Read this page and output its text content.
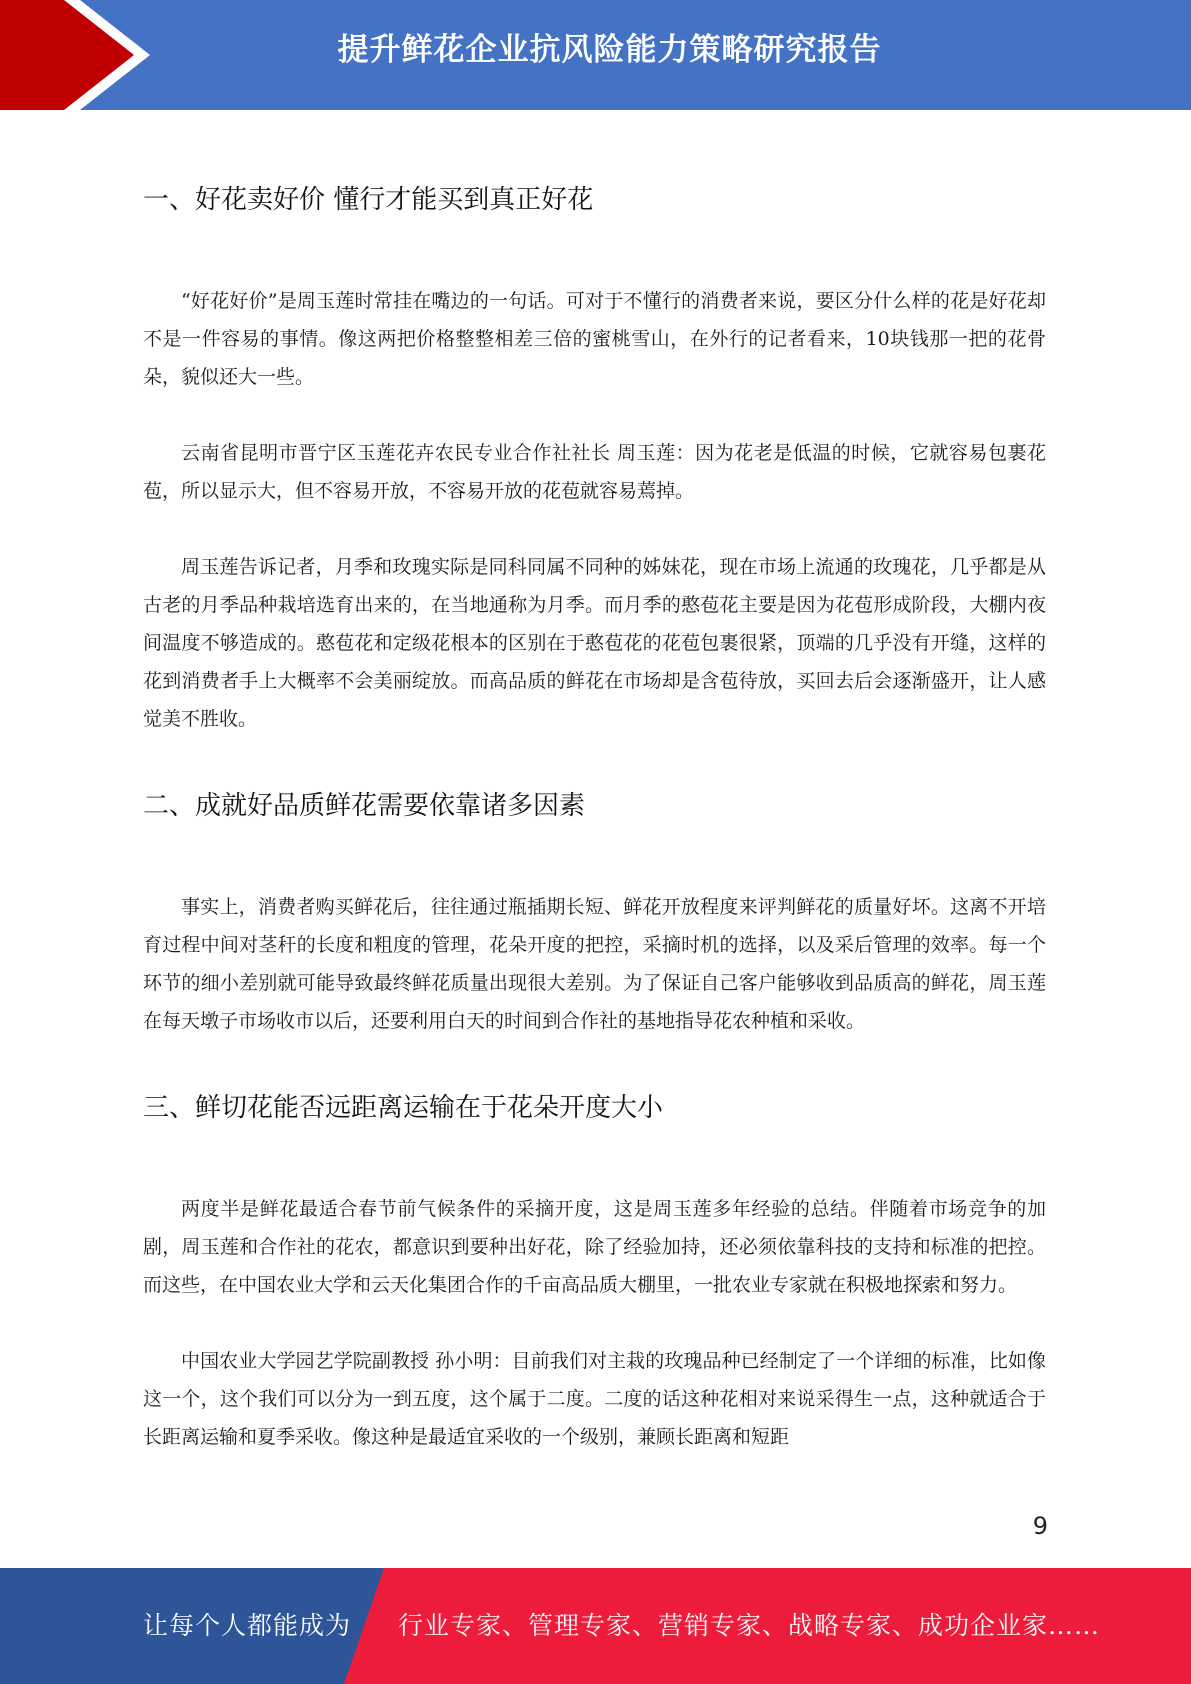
提升鲜花企业抗风险能力策略研究报告
一、好花卖好价 懂行才能买到真正好花

“好花好价”是周玉莲时常挂在嘴边的一句话。可对于不懂行的消费者来说，要区分什么样的花是好花却不是一件容易的事情。像这两把价格整整相差三倍的蜜桃雪山，在外行的记者看来，10块钱那一把的花骨朵，貌似还大一些。

云南省昆明市晋宁区玉莲花卉农民专业合作社社长 周玉莲：因为花老是低温的时候，它就容易包裹花苞，所以显示大，但不容易开放，不容易开放的花苞就容易蔫掉。

周玉莲告诉记者，月季和玫瑰实际是同科同属不同种的姊妹花，现在市场上流通的玫瑰花，几乎都是从古老的月季品种栽培选育出来的，在当地通称为月季。而月季的憨苞花主要是因为花苞形成阶段，大棚内夜间温度不够造成的。憨苞花和定级花根本的区别在于憨苞花的花苞包裹很紧，顶端的几乎没有开缝，这样的花到消费者手上大概率不会美丽绽放。而高品质的鲜花在市场却是含苞待放，买回去后会逐渐盛开，让人感觉美不胜收。

二、成就好品质鲜花需要依靠诸多因素

事实上，消费者购买鲜花后，往往通过瓶插期长短、鲜花开放程度来评判鲜花的质量好坏。这离不开培育过程中间对茎秆的长度和粗度的管理，花朵开度的把控，采摘时机的选择，以及采后管理的效率。每一个环节的细小差别就可能导致最终鲜花质量出现很大差别。为了保证自己客户能够收到品质高的鲜花，周玉莲在每天墩子市场收市以后，还要利用白天的时间到合作社的基地指导花农种植和采收。

三、鲜切花能否远距离运输在于花朵开度大小

两度半是鲜花最适合春节前气候条件的采摘开度，这是周玉莲多年经验的总结。伴随着市场竞争的加剧，周玉莲和合作社的花农，都意识到要种出好花，除了经验加持，还必须依靠科技的支持和标准的把控。而这些，在中国农业大学和云天化集团合作的千亩高品质大棚里，一批农业专家就在积极地探索和努力。

中国农业大学园艺学院副教授 孙小明：目前我们对主栽的玫瑰品种已经制定了一个详细的标准，比如像这一个，这个我们可以分为一到五度，这个属于二度。二度的话这种花相对来说采得生一点，这种就适合于长距离运输和夏季采收。像这种是最适宜采收的一个级别，兼顾长距离和短距

9
让每个人都能成为 行业专家、管理专家、营销专家、战略专家、成功企业家……
